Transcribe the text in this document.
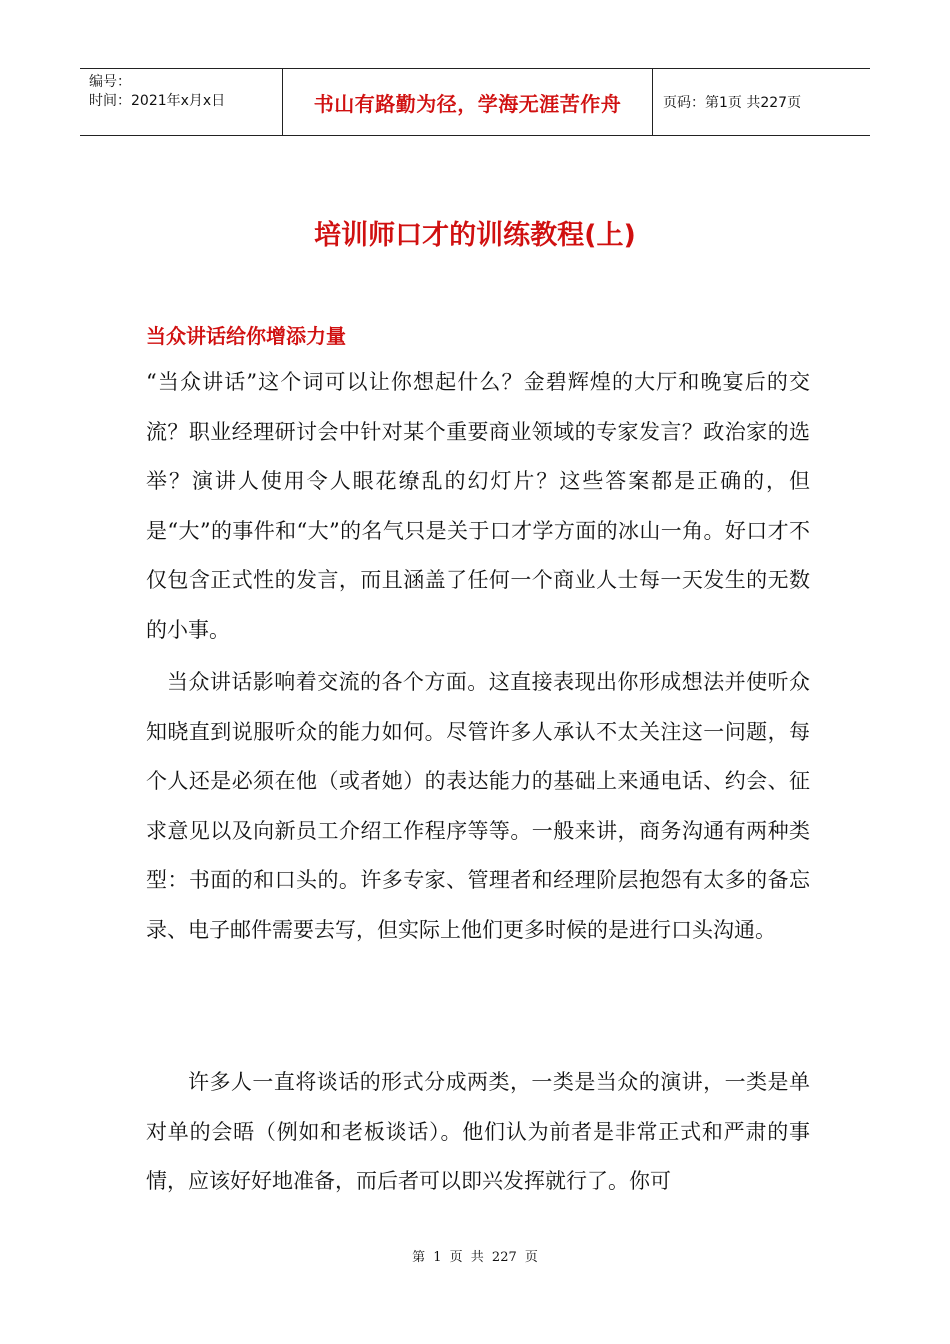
编号：
时间：2021年x月x日	书山有路勤为径，学海无涯苦作舟	页码：第1页 共227页
培训师口才的训练教程(上)
当众讲话给你增添力量

“当众讲话”这个词可以让你想起什么？金碧辉煌的大厅和晚宴后的交流？职业经理研讨会中针对某个重要商业领域的专家发言？政治家的选举？演讲人使用令人眼花缭乱的幻灯片？这些答案都是正确的，但是“大”的事件和“大”的名气只是关于口才学方面的冰山一角。好口才不仅包含正式性的发言，而且涵盖了任何一个商业人士每一天发生的无数的小事。

当众讲话影响着交流的各个方面。这直接表现出你形成想法并使听众知晓直到说服听众的能力如何。尽管许多人承认不太关注这一问题，每个人还是必须在他（或者她）的表达能力的基础上来通电话、约会、征求意见以及向新员工介绍工作程序等等。一般来讲，商务沟通有两种类型：书面的和口头的。许多专家、管理者和经理阶层抱怨有太多的备忘录、电子邮件需要去写，但实际上他们更多时候的是进行口头沟通。

许多人一直将谈话的形式分成两类，一类是当众的演讲，一类是单对单的会晤（例如和老板谈话）。他们认为前者是非常正式和严肃的事情，应该好好地准备，而后者可以即兴发挥就行了。你可

第 1 页 共 227 页
